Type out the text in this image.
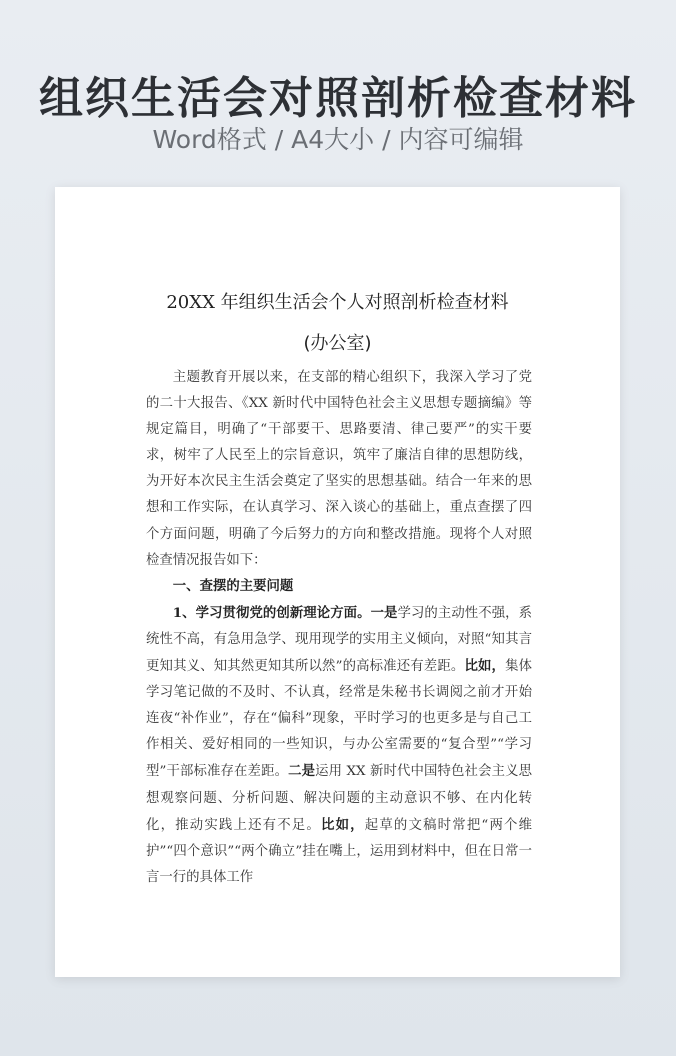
组织生活会对照剖析检查材料
Word格式 / A4大小 / 内容可编辑
20XX 年组织生活会个人对照剖析检查材料
(办公室)

主题教育开展以来，在支部的精心组织下，我深入学习了党的二十大报告、《XX 新时代中国特色社会主义思想专题摘编》等规定篇目，明确了“干部要干、思路要清、律己要严”的实干要求，树牢了人民至上的宗旨意识，筑牢了廉洁自律的思想防线，为开好本次民主生活会奠定了坚实的思想基础。结合一年来的思想和工作实际，在认真学习、深入谈心的基础上，重点查摆了四个方面问题，明确了今后努力的方向和整改措施。现将个人对照检查情况报告如下：

一、查摆的主要问题

1、学习贯彻党的创新理论方面。一是学习的主动性不强，系统性不高，有急用急学、现用现学的实用主义倾向，对照“知其言更知其义、知其然更知其所以然”的高标准还有差距。比如，集体学习笔记做的不及时、不认真，经常是朱秘书长调阅之前才开始连夜“补作业”，存在“偏科”现象，平时学习的也更多是与自己工作相关、爱好相同的一些知识，与办公室需要的“复合型”“学习型”干部标准存在差距。二是运用 XX 新时代中国特色社会主义思想观察问题、分析问题、解决问题的主动意识不够、在内化转化，推动实践上还有不足。比如，起草的文稿时常把“两个维护”“四个意识”“两个确立”挂在嘴上，运用到材料中，但在日常一言一行的具体工作
